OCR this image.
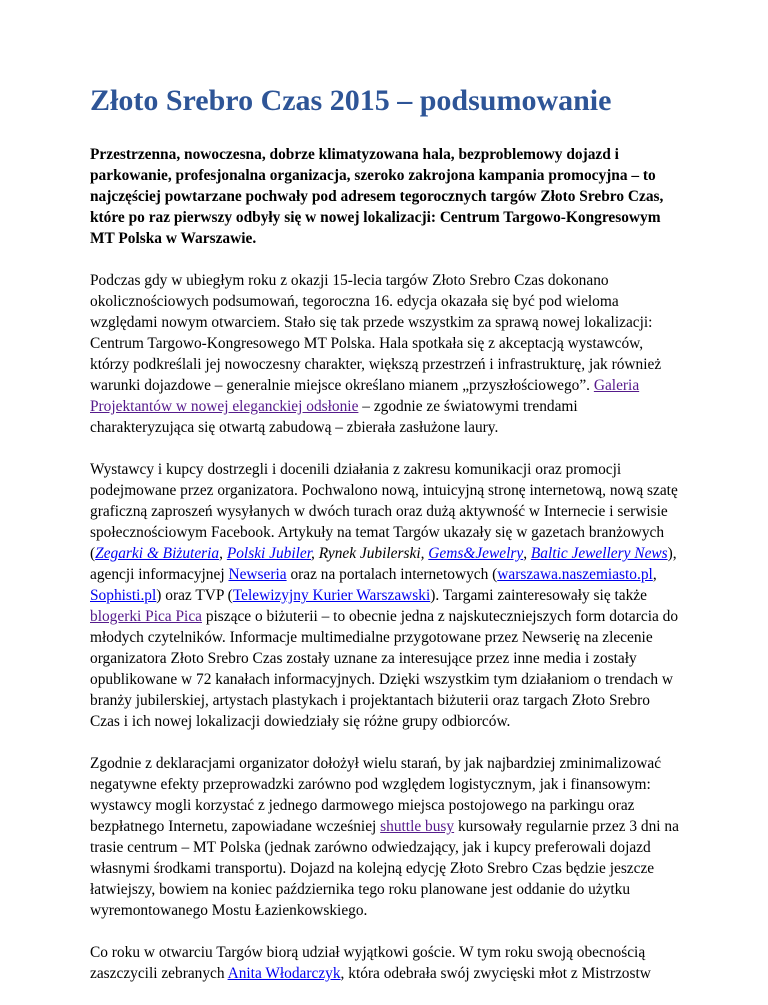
Złoto Srebro Czas 2015 – podsumowanie

Przestrzenna, nowoczesna, dobrze klimatyzowana hala, bezproblemowy dojazd i parkowanie, profesjonalna organizacja, szeroko zakrojona kampania promocyjna – to najczęściej powtarzane pochwały pod adresem tegorocznych targów Złoto Srebro Czas, które po raz pierwszy odbyły się w nowej lokalizacji: Centrum Targowo-Kongresowym MT Polska w Warszawie.

Podczas gdy w ubiegłym roku z okazji 15-lecia targów Złoto Srebro Czas dokonano okolicznościowych podsumowań, tegoroczna 16. edycja okazała się być pod wieloma względami nowym otwarciem. Stało się tak przede wszystkim za sprawą nowej lokalizacji: Centrum Targowo-Kongresowego MT Polska. Hala spotkała się z akceptacją wystawców, którzy podkreślali jej nowoczesny charakter, większą przestrzeń i infrastrukturę, jak również warunki dojazdowe – generalnie miejsce określano mianem „przyszłościowego”. Galeria Projektantów w nowej eleganckiej odsłonie – zgodnie ze światowymi trendami charakteryzująca się otwartą zabudową – zbierała zasłużone laury.

Wystawcy i kupcy dostrzegli i docenili działania z zakresu komunikacji oraz promocji podejmowane przez organizatora. Pochwalono nową, intuicyjną stronę internetową, nową szatę graficzną zaproszeń wysyłanych w dwóch turach oraz dużą aktywność w Internecie i serwisie społecznościowym Facebook. Artykuły na temat Targów ukazały się w gazetach branżowych (Zegarki & Biżuteria, Polski Jubiler, Rynek Jubilerski, Gems&Jewelry, Baltic Jewellery News), agencji informacyjnej Newseria oraz na portalach internetowych (warszawa.naszemiasto.pl, Sophisti.pl) oraz TVP (Telewizyjny Kurier Warszawski). Targami zainteresowały się także blogerki Pica Pica piszące o biżuterii – to obecnie jedna z najskuteczniejszych form dotarcia do młodych czytelników. Informacje multimedialne przygotowane przez Newserię na zlecenie organizatora Złoto Srebro Czas zostały uznane za interesujące przez inne media i zostały opublikowane w 72 kanałach informacyjnych. Dzięki wszystkim tym działaniom o trendach w branży jubilerskiej, artystach plastykach i projektantach biżuterii oraz targach Złoto Srebro Czas i ich nowej lokalizacji dowiedziały się różne grupy odbiorców.

Zgodnie z deklaracjami organizator dołożył wielu starań, by jak najbardziej zminimalizować negatywne efekty przeprowadzki zarówno pod względem logistycznym, jak i finansowym: wystawcy mogli korzystać z jednego darmowego miejsca postojowego na parkingu oraz bezpłatnego Internetu, zapowiadane wcześniej shuttle busy kursowały regularnie przez 3 dni na trasie centrum – MT Polska (jednak zarówno odwiedzający, jak i kupcy preferowali dojazd własnymi środkami transportu). Dojazd na kolejną edycję Złoto Srebro Czas będzie jeszcze łatwiejszy, bowiem na koniec października tego roku planowane jest oddanie do użytku wyremontowanego Mostu Łazienkowskiego.

Co roku w otwarciu Targów biorą udział wyjątkowi goście. W tym roku swoją obecnością zaszczycili zebranych Anita Włodarczyk, która odebrała swój zwycięski młot z Mistrzostw
